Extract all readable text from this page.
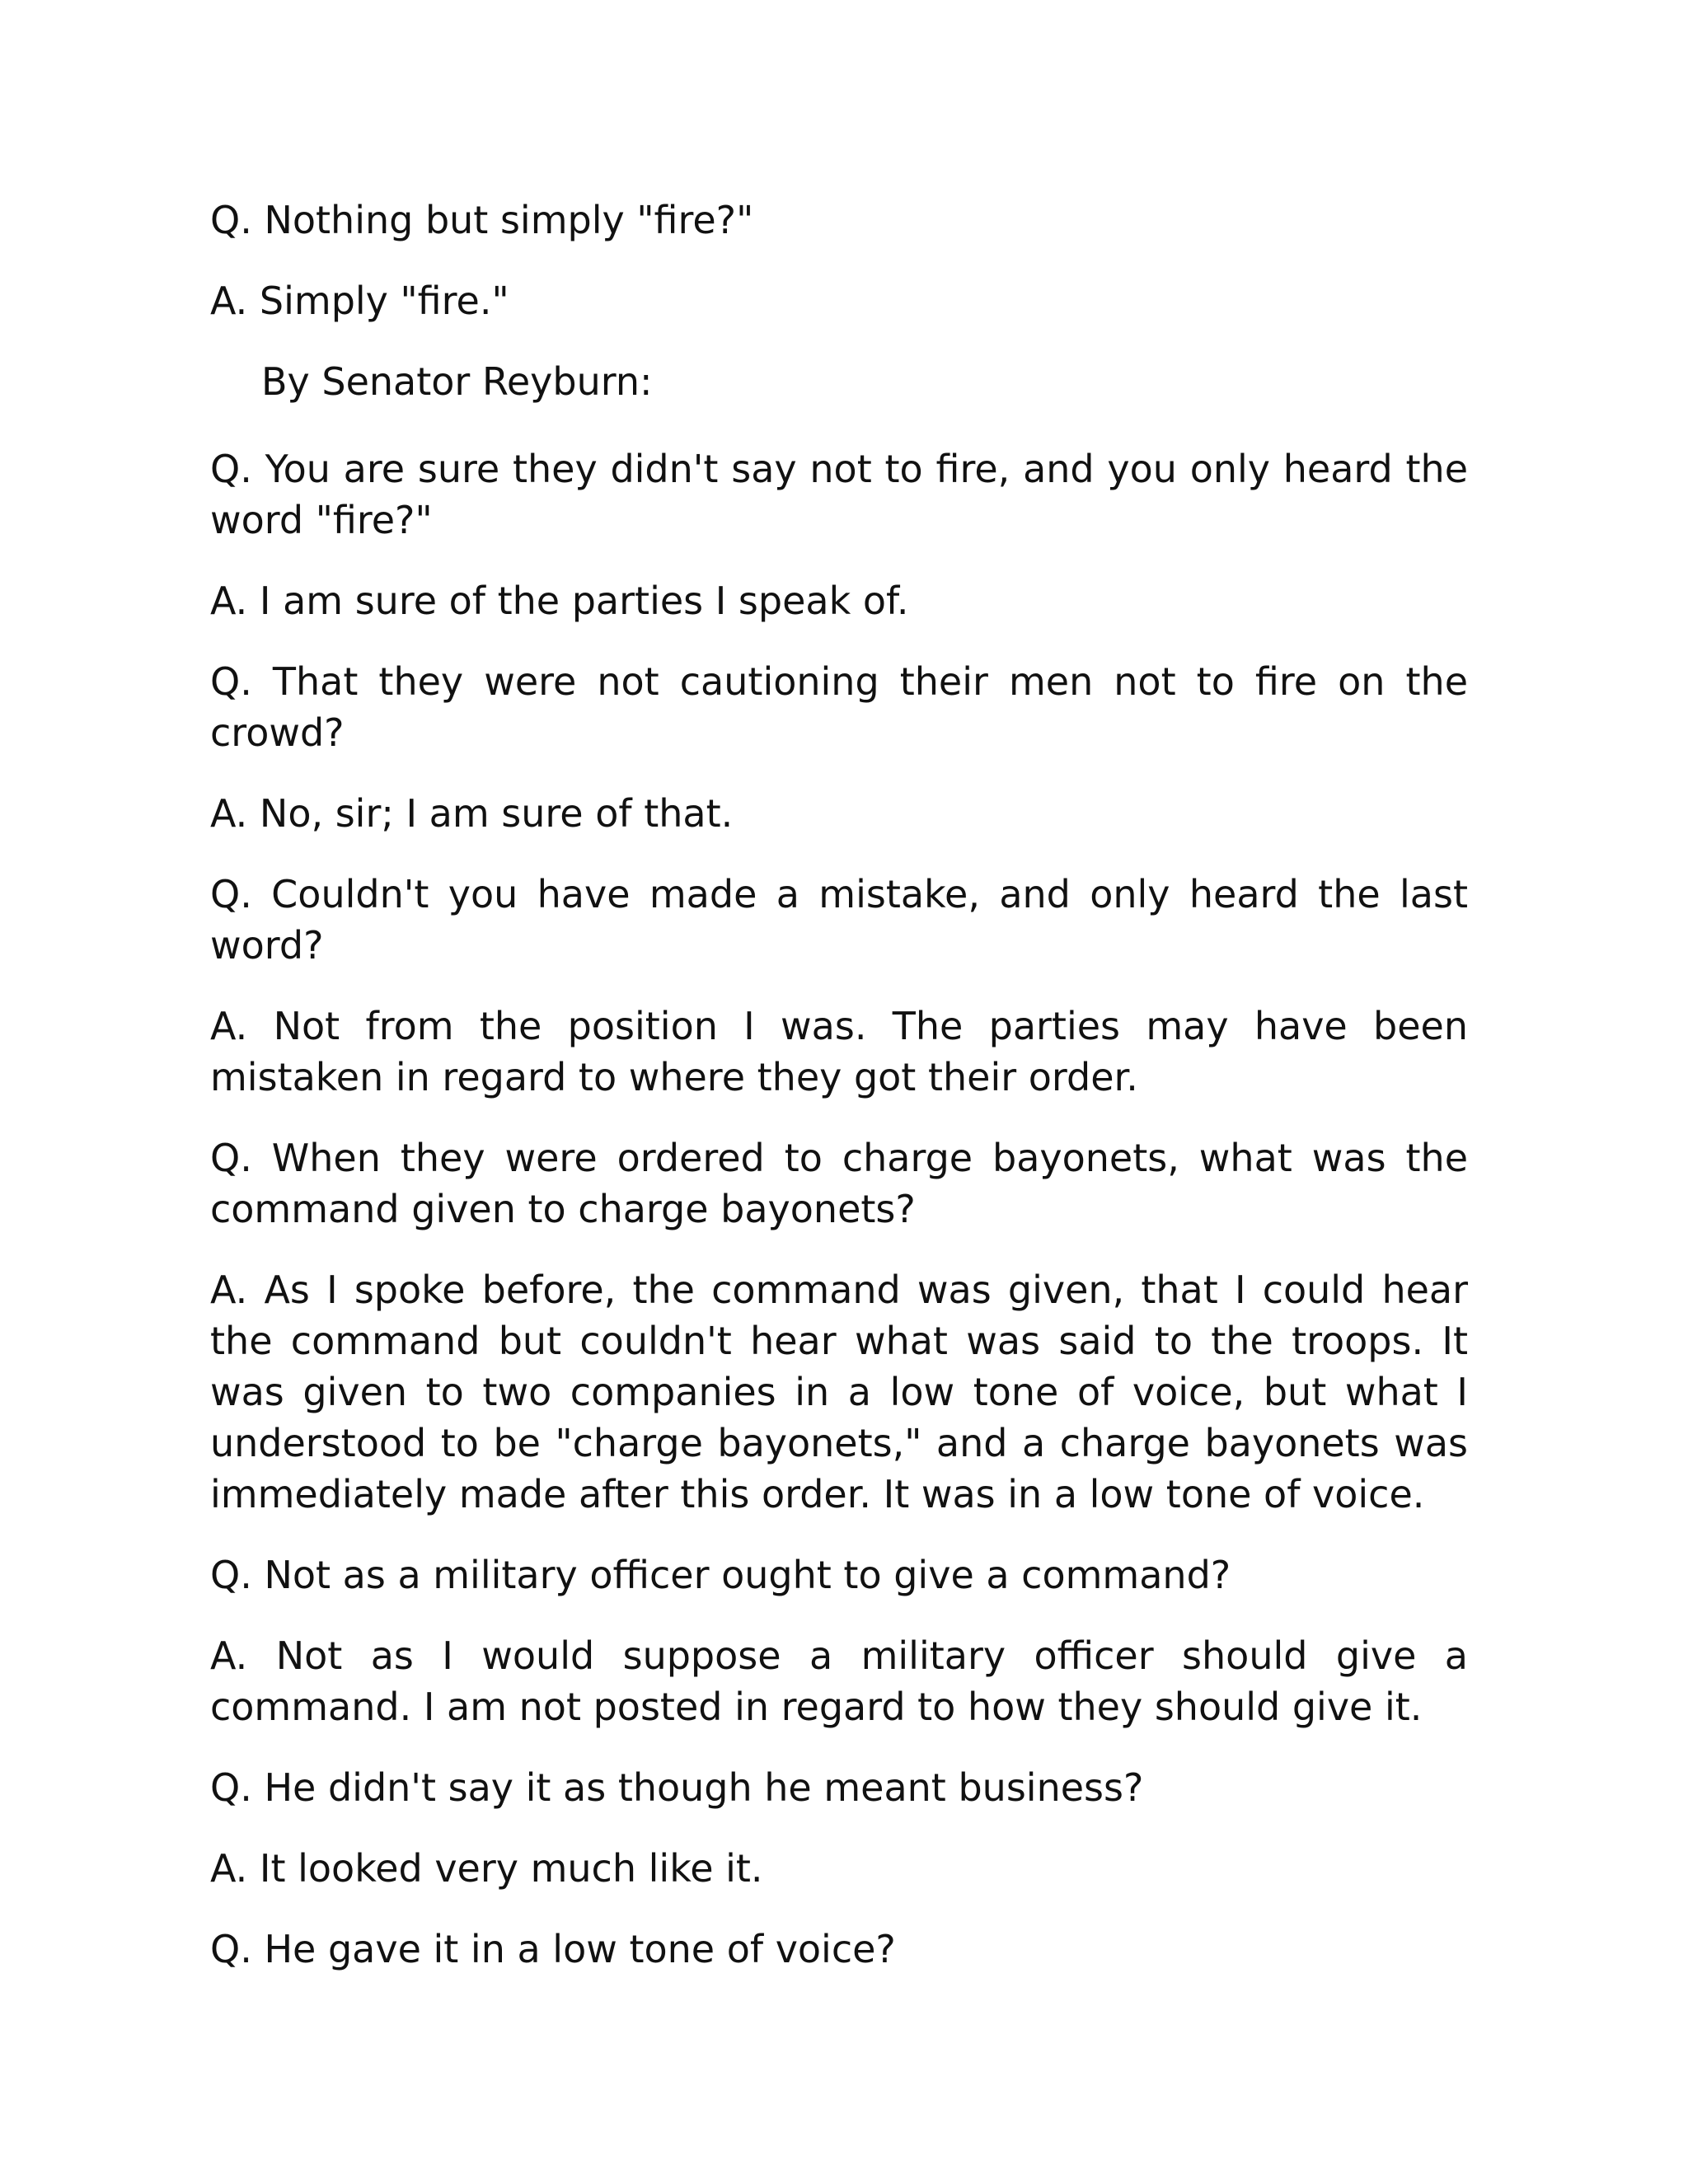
Q. Nothing but simply "fire?"

A. Simply "fire."

By Senator Reyburn:

Q. You are sure they didn't say not to fire, and you only heard the word "fire?"

A. I am sure of the parties I speak of.

Q. That they were not cautioning their men not to fire on the crowd?

A. No, sir; I am sure of that.

Q. Couldn't you have made a mistake, and only heard the last word?

A. Not from the position I was. The parties may have been mistaken in regard to where they got their order.

Q. When they were ordered to charge bayonets, what was the command given to charge bayonets?

A. As I spoke before, the command was given, that I could hear the command but couldn't hear what was said to the troops. It was given to two companies in a low tone of voice, but what I understood to be "charge bayonets," and a charge bayonets was immediately made after this order. It was in a low tone of voice.

Q. Not as a military officer ought to give a command?

A. Not as I would suppose a military officer should give a command. I am not posted in regard to how they should give it.

Q. He didn't say it as though he meant business?

A. It looked very much like it.

Q. He gave it in a low tone of voice?
